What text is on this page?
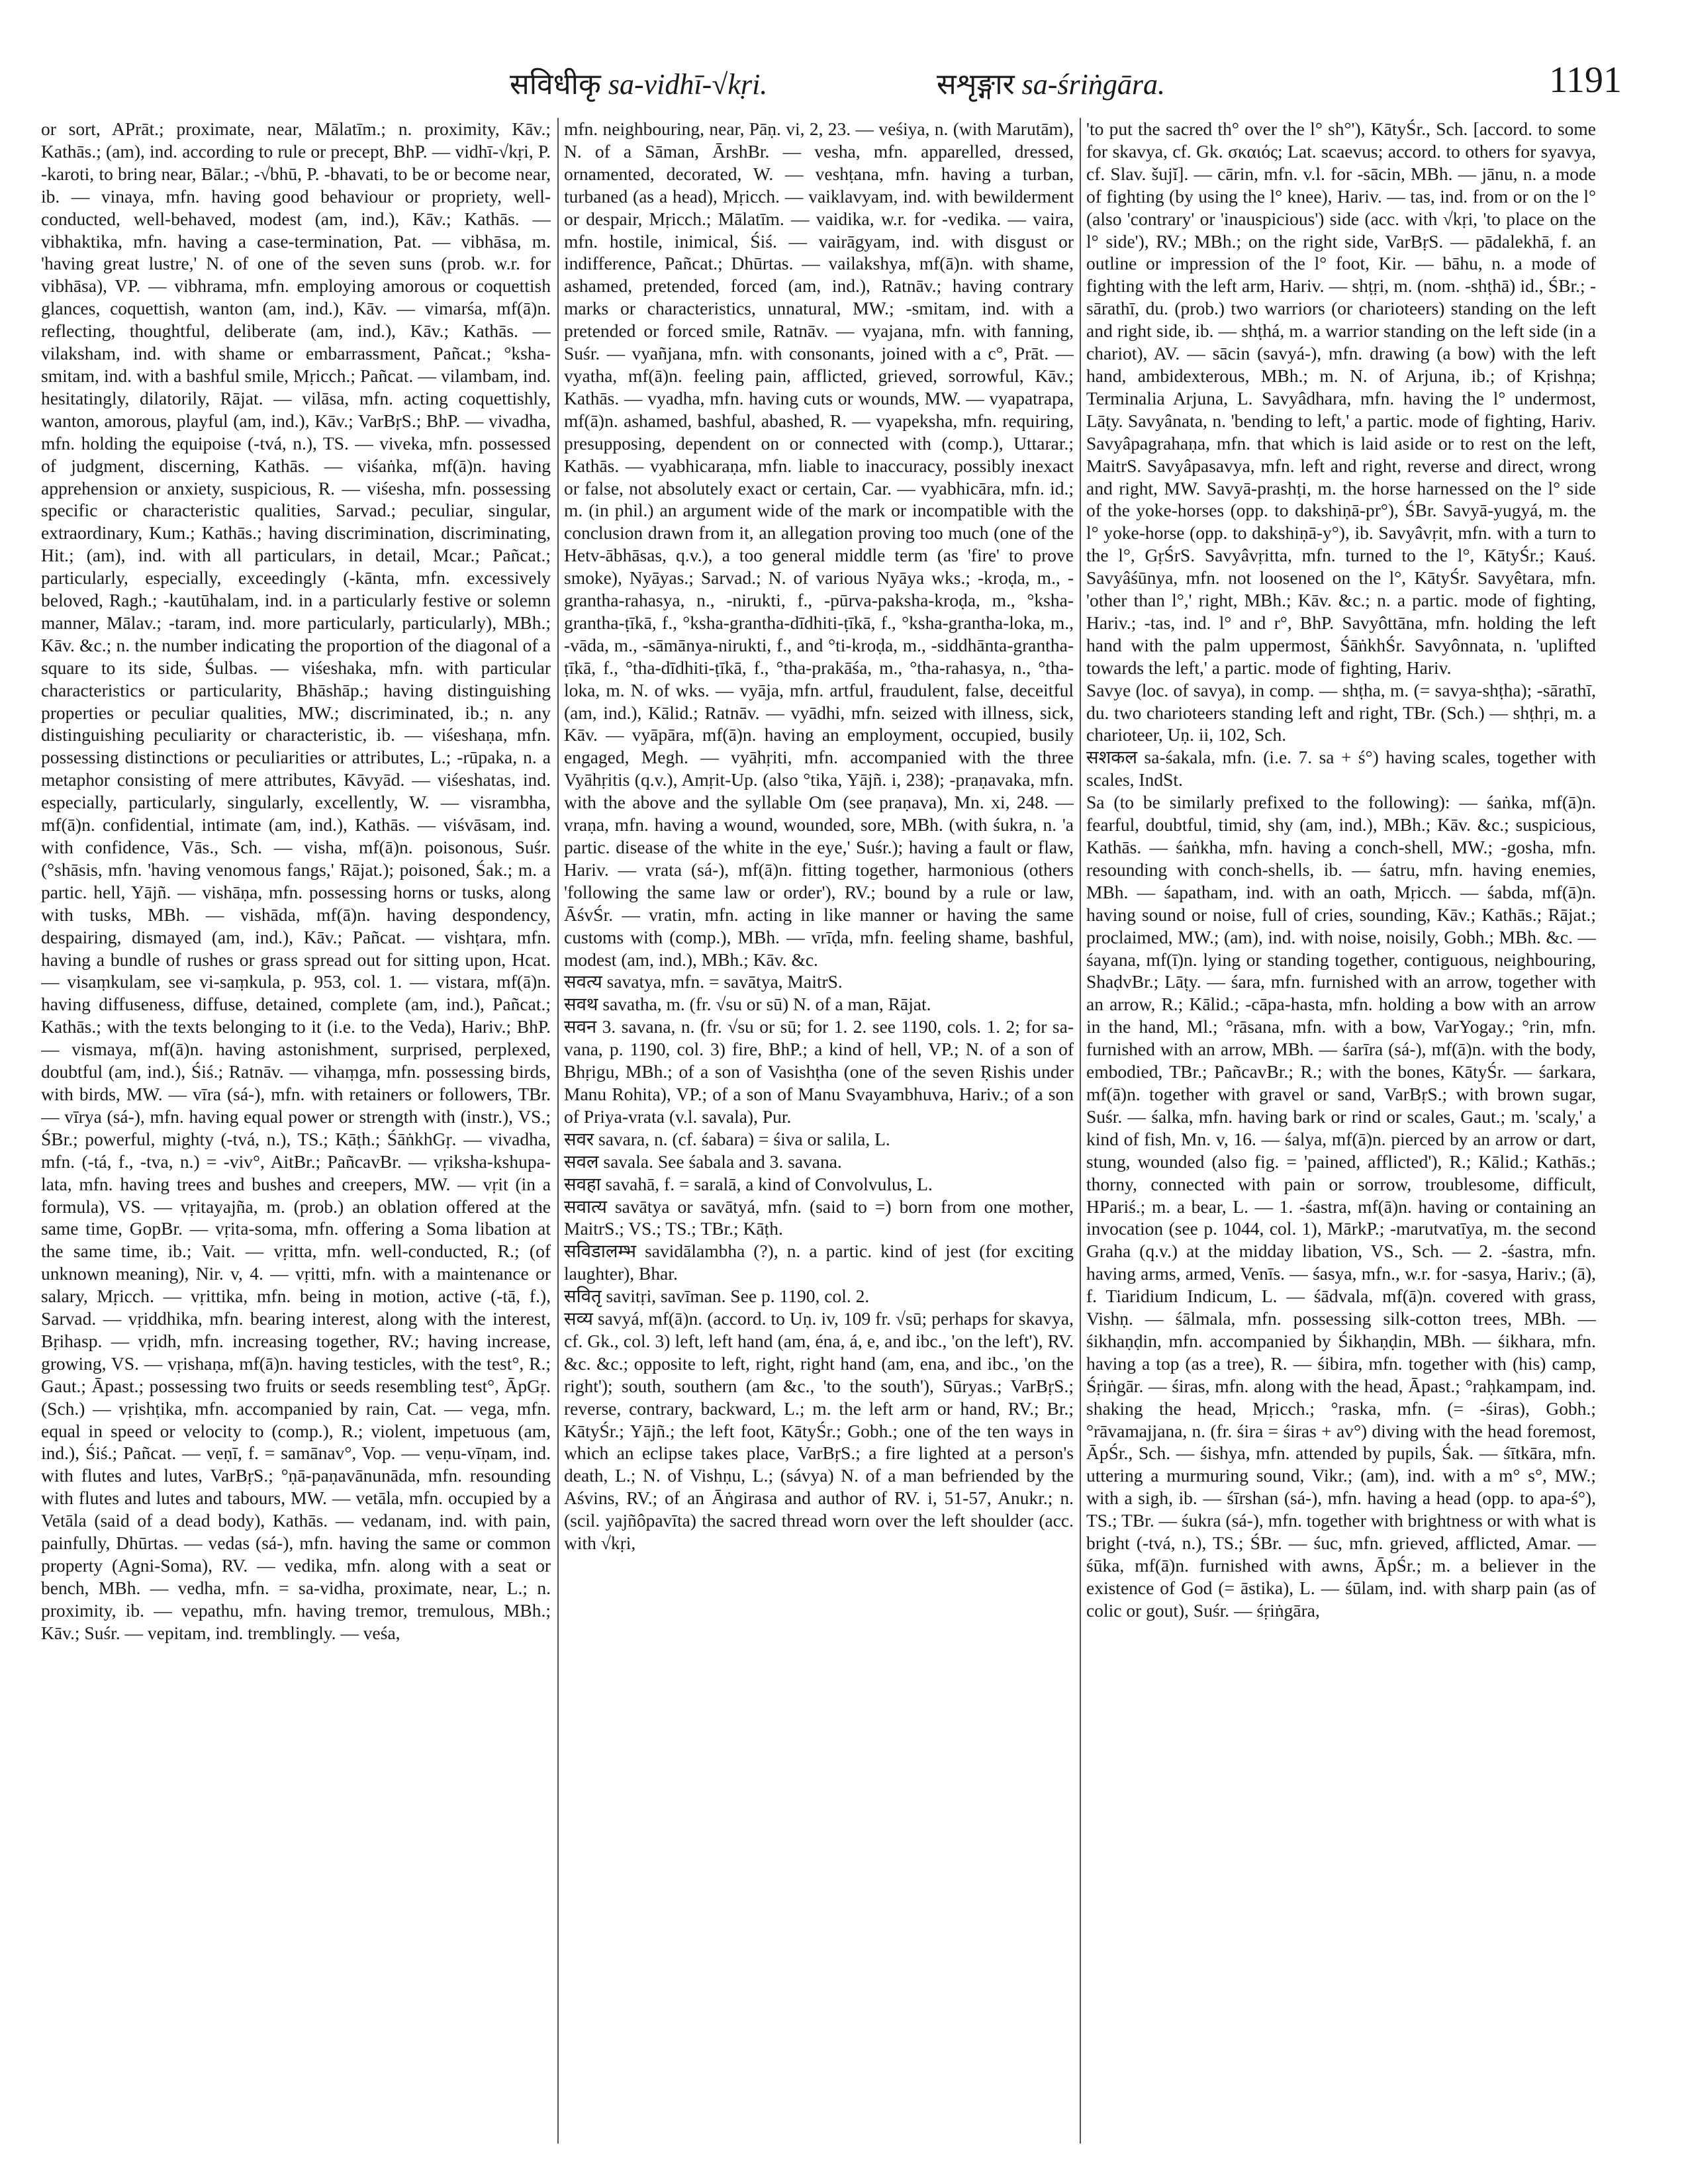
सविधीकृ sa-vidhī-√kṛi.	सशृङ्गार sa-śriṅgāra.	1191

or sort, APrāt.; proximate, near, Mālatīm.; n. proximity, Kāv.; Kathās.; (am), ind. according to rule or precept, BhP. — vidhī-√kṛi, P. -karoti, to bring near, Bālar.; -√bhū, P. -bhavati, to be or become near, ib. — vinaya, mfn. having good behaviour or propriety, well-conducted, well-behaved, modest (am, ind.), Kāv.; Kathās. — vibhaktika, mfn. having a case-termination, Pat. — vibhāsa, m. 'having great lustre,' N. of one of the seven suns (prob. w.r. for vibhāsa), VP. — vibhrama, mfn. employing amorous or coquettish glances, coquettish, wanton (am, ind.), Kāv. — vimarśa, mf(ā)n. reflecting, thoughtful, deliberate (am, ind.), Kāv.; Kathās. — vilaksham, ind. with shame or embarrassment, Pañcat.; °ksha-smitam, ind. with a bashful smile, Mṛicch.; Pañcat. — vilambam, ind. hesitatingly, dilatorily, Rājat. — vilāsa, mfn. acting coquettishly, wanton, amorous, playful (am, ind.), Kāv.; VarBṛS.; BhP. — vivadha, mfn. holding the equipoise (-tvá, n.), TS. — viveka, mfn. possessed of judgment, discerning, Kathās. — viśaṅka, mf(ā)n. having apprehension or anxiety, suspicious, R. — viśesha, mfn. possessing specific or characteristic qualities, Sarvad.; peculiar, singular, extraordinary, Kum.; Kathās.; having discrimination, discriminating, Hit.; (am), ind. with all particulars, in detail, Mcar.; Pañcat.; particularly, especially, exceedingly (-kānta, mfn. excessively beloved, Ragh.; -kautūhalam, ind. in a particularly festive or solemn manner, Mālav.; -taram, ind. more particularly, particularly), MBh.; Kāv. &c.; n. the number indicating the proportion of the diagonal of a square to its side, Śulbas. — viśeshaka, mfn. with particular characteristics or particularity, Bhāshāp.; having distinguishing properties or peculiar qualities, MW.; discriminated, ib.; n. any distinguishing peculiarity or characteristic, ib. — viśeshaṇa, mfn. possessing distinctions or peculiarities or attributes, L.; -rūpaka, n. a metaphor consisting of mere attributes, Kāvyād. — viśeshatas, ind. especially, particularly, singularly, excellently, W. — visrambha, mf(ā)n. confidential, intimate (am, ind.), Kathās. — viśvāsam, ind. with confidence, Vās., Sch. — visha, mf(ā)n. poisonous, Suśr. (°shāsis, mfn. 'having venomous fangs,' Rājat.); poisoned, Śak.; m. a partic. hell, Yājñ. — vishāṇa, mfn. possessing horns or tusks, along with tusks, MBh. — vishāda, mf(ā)n. having despondency, despairing, dismayed (am, ind.), Kāv.; Pañcat. — vishṭara, mfn. having a bundle of rushes or grass spread out for sitting upon, Hcat. — visaṃkulam, see vi-saṃkula, p. 953, col. 1. — vistara, mf(ā)n. having diffuseness, diffuse, detained, complete (am, ind.), Pañcat.; Kathās.; with the texts belonging to it (i.e. to the Veda), Hariv.; BhP. — vismaya, mf(ā)n. having astonishment, surprised, perplexed, doubtful (am, ind.), Śiś.; Ratnāv. — vihaṃga, mfn. possessing birds, with birds, MW. — vīra (sá-), mfn. with retainers or followers, TBr. — vīrya (sá-), mfn. having equal power or strength with (instr.), VS.; ŚBr.; powerful, mighty (-tvá, n.), TS.; Kāṭh.; ŚāṅkhGṛ. — vivadha, mfn. (-tá, f., -tva, n.) = -viv°, AitBr.; PañcavBr. — vṛiksha-kshupa-lata, mfn. having trees and bushes and creepers, MW. — vṛit (in a formula), VS. — vṛitayajña, m. (prob.) an oblation offered at the same time, GopBr. — vṛita-soma, mfn. offering a Soma libation at the same time, ib.; Vait. — vṛitta, mfn. well-conducted, R.; (of unknown meaning), Nir. v, 4. — vṛitti, mfn. with a maintenance or salary, Mṛicch. — vṛittika, mfn. being in motion, active (-tā, f.), Sarvad. — vṛiddhika, mfn. bearing interest, along with the interest, Bṛihasp. — vṛidh, mfn. increasing together, RV.; having increase, growing, VS. — vṛishaṇa, mf(ā)n. having testicles, with the test°, R.; Gaut.; Āpast.; possessing two fruits or seeds resembling test°, ĀpGṛ. (Sch.) — vṛishṭika, mfn. accompanied by rain, Cat. — vega, mfn. equal in speed or velocity to (comp.), R.; violent, impetuous (am, ind.), Śiś.; Pañcat. — veṇī, f. = samānav°, Vop. — veṇu-vīṇam, ind. with flutes and lutes, VarBṛS.; °ṇā-paṇavānunāda, mfn. resounding with flutes and lutes and tabours, MW. — vetāla, mfn. occupied by a Vetāla (said of a dead body), Kathās. — vedanam, ind. with pain, painfully, Dhūrtas. — vedas (sá-), mfn. having the same or common property (Agni-Soma), RV. — vedika, mfn. along with a seat or bench, MBh. — vedha, mfn. = sa-vidha, proximate, near, L.; n. proximity, ib. — vepathu, mfn. having tremor, tremulous, MBh.; Kāv.; Suśr. — vepitam, ind. tremblingly. — veśa,

mfn. neighbouring, near, Pāṇ. vi, 2, 23. — veśiya, n. (with Marutām), N. of a Sāman, ĀrshBr. — vesha, mfn. apparelled, dressed, ornamented, decorated, W. — veshṭana, mfn. having a turban, turbaned (as a head), Mṛicch. — vaiklavyam, ind. with bewilderment or despair, Mṛicch.; Mālatīm. — vaidika, w.r. for -vedika. — vaira, mfn. hostile, inimical, Śiś. — vairāgyam, ind. with disgust or indifference, Pañcat.; Dhūrtas. — vailakshya, mf(ā)n. with shame, ashamed, pretended, forced (am, ind.), Ratnāv.; having contrary marks or characteristics, unnatural, MW.; -smitam, ind. with a pretended or forced smile, Ratnāv. — vyajana, mfn. with fanning, Suśr. — vyañjana, mfn. with consonants, joined with a c°, Prāt. — vyatha, mf(ā)n. feeling pain, afflicted, grieved, sorrowful, Kāv.; Kathās. — vyadha, mfn. having cuts or wounds, MW. — vyapatrapa, mf(ā)n. ashamed, bashful, abashed, R. — vyapeksha, mfn. requiring, presupposing, dependent on or connected with (comp.), Uttarar.; Kathās. — vyabhicaraṇa, mfn. liable to inaccuracy, possibly inexact or false, not absolutely exact or certain, Car. — vyabhicāra, mfn. id.; m. (in phil.) an argument wide of the mark or incompatible with the conclusion drawn from it, an allegation proving too much (one of the Hetv-ābhāsas, q.v.), a too general middle term (as 'fire' to prove smoke), Nyāyas.; Sarvad.; N. of various Nyāya wks.; -kroḍa, m., -grantha-rahasya, n., -nirukti, f., -pūrva-paksha-kroḍa, m., °ksha-grantha-ṭīkā, f., °ksha-grantha-dīdhiti-ṭīkā, f., °ksha-grantha-loka, m., -vāda, m., -sāmānya-nirukti, f., and °ti-kroḍa, m., -siddhānta-grantha-ṭīkā, f., °tha-dīdhiti-ṭīkā, f., °tha-prakāśa, m., °tha-rahasya, n., °tha-loka, m. N. of wks. — vyāja, mfn. artful, fraudulent, false, deceitful (am, ind.), Kālid.; Ratnāv. — vyādhi, mfn. seized with illness, sick, Kāv. — vyāpāra, mf(ā)n. having an employment, occupied, busily engaged, Megh. — vyāhṛiti, mfn. accompanied with the three Vyāhṛitis (q.v.), Amṛit-Up. (also °tika, Yājñ. i, 238); -praṇavaka, mfn. with the above and the syllable Om (see praṇava), Mn. xi, 248. — vraṇa, mfn. having a wound, wounded, sore, MBh. (with śukra, n. 'a partic. disease of the white in the eye,' Suśr.); having a fault or flaw, Hariv. — vrata (sá-), mf(ā)n. fitting together, harmonious (others 'following the same law or order'), RV.; bound by a rule or law, ĀśvŚr. — vratin, mfn. acting in like manner or having the same customs with (comp.), MBh. — vrīḍa, mfn. feeling shame, bashful, modest (am, ind.), MBh.; Kāv. &c.

सवत्य savatya, mfn. = savātya, MaitrS.

सवथ savatha, m. (fr. √su or sū) N. of a man, Rājat.

सवन 3. savana, n. (fr. √su or sū; for 1. 2. see 1190, cols. 1. 2; for sa-vana, p. 1190, col. 3) fire, BhP.; a kind of hell, VP.; N. of a son of Bhṛigu, MBh.; of a son of Vasishṭha (one of the seven Ṛishis under Manu Rohita), VP.; of a son of Manu Svayambhuva, Hariv.; of a son of Priya-vrata (v.l. savala), Pur.

सवर savara, n. (cf. śabara) = śiva or salila, L.

सवल savala. See śabala and 3. savana.

सवहा savahā, f. = saralā, a kind of Convolvulus, L.

सवात्य savātya or savātyá, mfn. (said to =) born from one mother, MaitrS.; VS.; TS.; TBr.; Kāṭh.

सविडालम्भ savidālambha (?), n. a partic. kind of jest (for exciting laughter), Bhar.

सवितृ savitṛi, savīman. See p. 1190, col. 2.

सव्य savyá, mf(ā)n. (accord. to Uṇ. iv, 109 fr. √sū; perhaps for skavya, cf. Gk., col. 3) left, left hand (am, éna, á, e, and ibc., 'on the left'), RV. &c. &c.; opposite to left, right, right hand (am, ena, and ibc., 'on the right'); south, southern (am &c., 'to the south'), Sūryas.; VarBṛS.; reverse, contrary, backward, L.; m. the left arm or hand, RV.; Br.; KātyŚr.; Yājñ.; the left foot, KātyŚr.; Gobh.; one of the ten ways in which an eclipse takes place, VarBṛS.; a fire lighted at a person's death, L.; N. of Vishṇu, L.; (sávya) N. of a man befriended by the Aśvins, RV.; of an Āṅgirasa and author of RV. i, 51-57, Anukr.; n. (scil. yajñôpavīta) the sacred thread worn over the left shoulder (acc. with √kṛi,

'to put the sacred th° over the l° sh°'), KātyŚr., Sch. [accord. to some for skavya, cf. Gk. σκαιός; Lat. scaevus; accord. to others for syavya, cf. Slav. šujĭ]. — cārin, mfn. v.l. for -sācin, MBh. — jānu, n. a mode of fighting (by using the l° knee), Hariv. — tas, ind. from or on the l° (also 'contrary' or 'inauspicious') side (acc. with √kṛi, 'to place on the l° side'), RV.; MBh.; on the right side, VarBṛS. — pādalekhā, f. an outline or impression of the l° foot, Kir. — bāhu, n. a mode of fighting with the left arm, Hariv. — shṭṛi, m. (nom. -shṭhā) id., ŚBr.; -sārathī, du. (prob.) two warriors (or charioteers) standing on the left and right side, ib. — shṭhá, m. a warrior standing on the left side (in a chariot), AV. — sācin (savyá-), mfn. drawing (a bow) with the left hand, ambidexterous, MBh.; m. N. of Arjuna, ib.; of Kṛishṇa; Terminalia Arjuna, L. Savyâdhara, mfn. having the l° undermost, Lāṭy. Savyânata, n. 'bending to left,' a partic. mode of fighting, Hariv. Savyâpagrahaṇa, mfn. that which is laid aside or to rest on the left, MaitrS. Savyâpasavya, mfn. left and right, reverse and direct, wrong and right, MW. Savyā-prashṭi, m. the horse harnessed on the l° side of the yoke-horses (opp. to dakshiṇā-pr°), ŚBr. Savyā-yugyá, m. the l° yoke-horse (opp. to dakshiṇā-y°), ib. Savyâvṛit, mfn. with a turn to the l°, GṛŚrS. Savyâvṛitta, mfn. turned to the l°, KātyŚr.; Kauś. Savyâśūnya, mfn. not loosened on the l°, KātyŚr. Savyêtara, mfn. 'other than l°,' right, MBh.; Kāv. &c.; n. a partic. mode of fighting, Hariv.; -tas, ind. l° and r°, BhP. Savyôttāna, mfn. holding the left hand with the palm uppermost, ŚāṅkhŚr. Savyônnata, n. 'uplifted towards the left,' a partic. mode of fighting, Hariv.

Savye (loc. of savya), in comp. — shṭha, m. (= savya-shṭha); -sārathī, du. two charioteers standing left and right, TBr. (Sch.) — shṭhṛi, m. a charioteer, Uṇ. ii, 102, Sch.

सशकल sa-śakala, mfn. (i.e. 7. sa + ś°) having scales, together with scales, IndSt.

Sa (to be similarly prefixed to the following): — śaṅka, mf(ā)n. fearful, doubtful, timid, shy (am, ind.), MBh.; Kāv. &c.; suspicious, Kathās. — śaṅkha, mfn. having a conch-shell, MW.; -gosha, mfn. resounding with conch-shells, ib. — śatru, mfn. having enemies, MBh. — śapatham, ind. with an oath, Mṛicch. — śabda, mf(ā)n. having sound or noise, full of cries, sounding, Kāv.; Kathās.; Rājat.; proclaimed, MW.; (am), ind. with noise, noisily, Gobh.; MBh. &c. — śayana, mf(ī)n. lying or standing together, contiguous, neighbouring, ShaḍvBr.; Lāṭy. — śara, mfn. furnished with an arrow, together with an arrow, R.; Kālid.; -cāpa-hasta, mfn. holding a bow with an arrow in the hand, Ml.; °rāsana, mfn. with a bow, VarYogay.; °rin, mfn. furnished with an arrow, MBh. — śarīra (sá-), mf(ā)n. with the body, embodied, TBr.; PañcavBr.; R.; with the bones, KātyŚr. — śarkara, mf(ā)n. together with gravel or sand, VarBṛS.; with brown sugar, Suśr. — śalka, mfn. having bark or rind or scales, Gaut.; m. 'scaly,' a kind of fish, Mn. v, 16. — śalya, mf(ā)n. pierced by an arrow or dart, stung, wounded (also fig. = 'pained, afflicted'), R.; Kālid.; Kathās.; thorny, connected with pain or sorrow, troublesome, difficult, HPariś.; m. a bear, L. — 1. -śastra, mf(ā)n. having or containing an invocation (see p. 1044, col. 1), MārkP.; -marutvatīya, m. the second Graha (q.v.) at the midday libation, VS., Sch. — 2. -śastra, mfn. having arms, armed, Venīs. — śasya, mfn., w.r. for -sasya, Hariv.; (ā), f. Tiaridium Indicum, L. — śādvala, mf(ā)n. covered with grass, Vishṇ. — śālmala, mfn. possessing silk-cotton trees, MBh. — śikhaṇḍin, mfn. accompanied by Śikhaṇḍin, MBh. — śikhara, mfn. having a top (as a tree), R. — śibira, mfn. together with (his) camp, Śṛiṅgār. — śiras, mfn. along with the head, Āpast.; °raḥkampam, ind. shaking the head, Mṛicch.; °raska, mfn. (= -śiras), Gobh.; °rāvamajjana, n. (fr. śira = śiras + av°) diving with the head foremost, ĀpŚr., Sch. — śishya, mfn. attended by pupils, Śak. — śītkāra, mfn. uttering a murmuring sound, Vikr.; (am), ind. with a m° s°, MW.; with a sigh, ib. — śīrshan (sá-), mfn. having a head (opp. to apa-ś°), TS.; TBr. — śukra (sá-), mfn. together with brightness or with what is bright (-tvá, n.), TS.; ŚBr. — śuc, mfn. grieved, afflicted, Amar. — śūka, mf(ā)n. furnished with awns, ĀpŚr.; m. a believer in the existence of God (= āstika), L. — śūlam, ind. with sharp pain (as of colic or gout), Suśr. — śṛiṅgāra,
